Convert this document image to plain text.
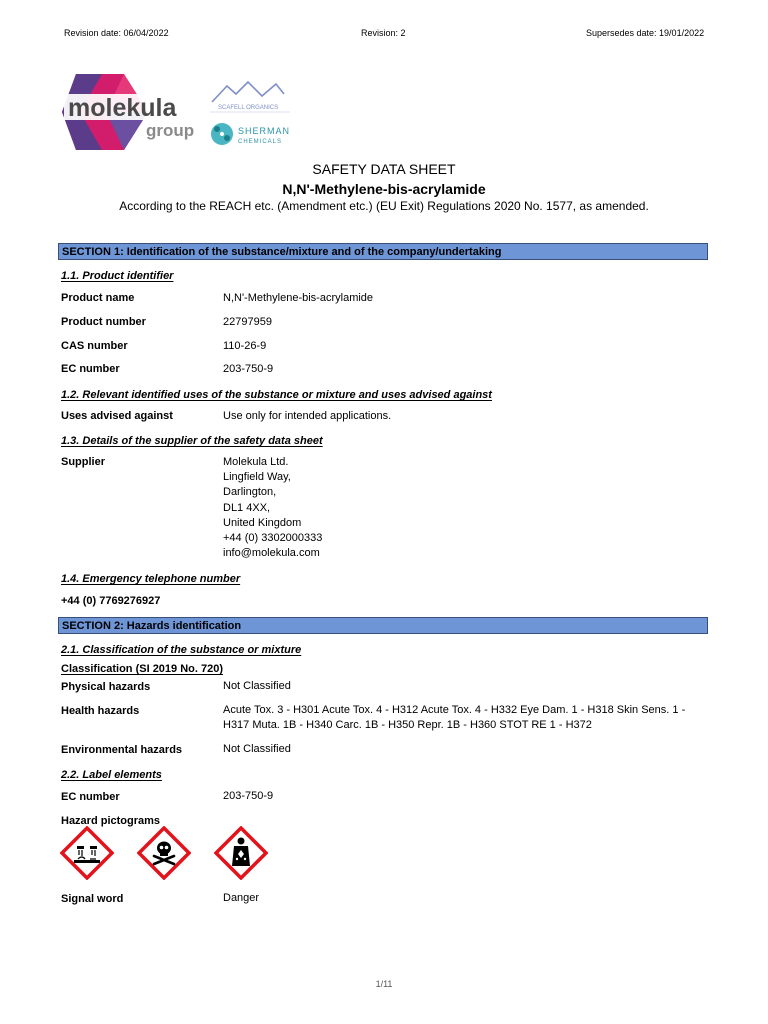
Revision date: 06/04/2022	Revision: 2	Supersedes date: 19/01/2022
molekula
group
SCAFELL ORGANICS
SHERMAN
CHEMICALS
SAFETY DATA SHEET
N,N'-Methylene-bis-acrylamide
According to the REACH etc. (Amendment etc.) (EU Exit) Regulations 2020 No. 1577, as amended.
SECTION 1: Identification of the substance/mixture and of the company/undertaking
1.1. Product identifier
Product name	N,N'-Methylene-bis-acrylamide
Product number	22797959
CAS number	110-26-9
EC number	203-750-9
1.2. Relevant identified uses of the substance or mixture and uses advised against
Uses advised against	Use only for intended applications.
1.3. Details of the supplier of the safety data sheet
Supplier	Molekula Ltd.
Lingfield Way,
Darlington,
DL1 4XX,
United Kingdom
+44 (0) 3302000333
info@molekula.com
1.4. Emergency telephone number
+44 (0) 7769276927
SECTION 2: Hazards identification
2.1. Classification of the substance or mixture
Classification (SI 2019 No. 720)
Physical hazards	Not Classified
Health hazards	Acute Tox. 3 - H301 Acute Tox. 4 - H312 Acute Tox. 4 - H332 Eye Dam. 1 - H318 Skin Sens. 1 - H317 Muta. 1B - H340 Carc. 1B - H350 Repr. 1B - H360 STOT RE 1 - H372
Environmental hazards	Not Classified
2.2. Label elements
EC number	203-750-9
Hazard pictograms
Signal word	Danger
1/11
